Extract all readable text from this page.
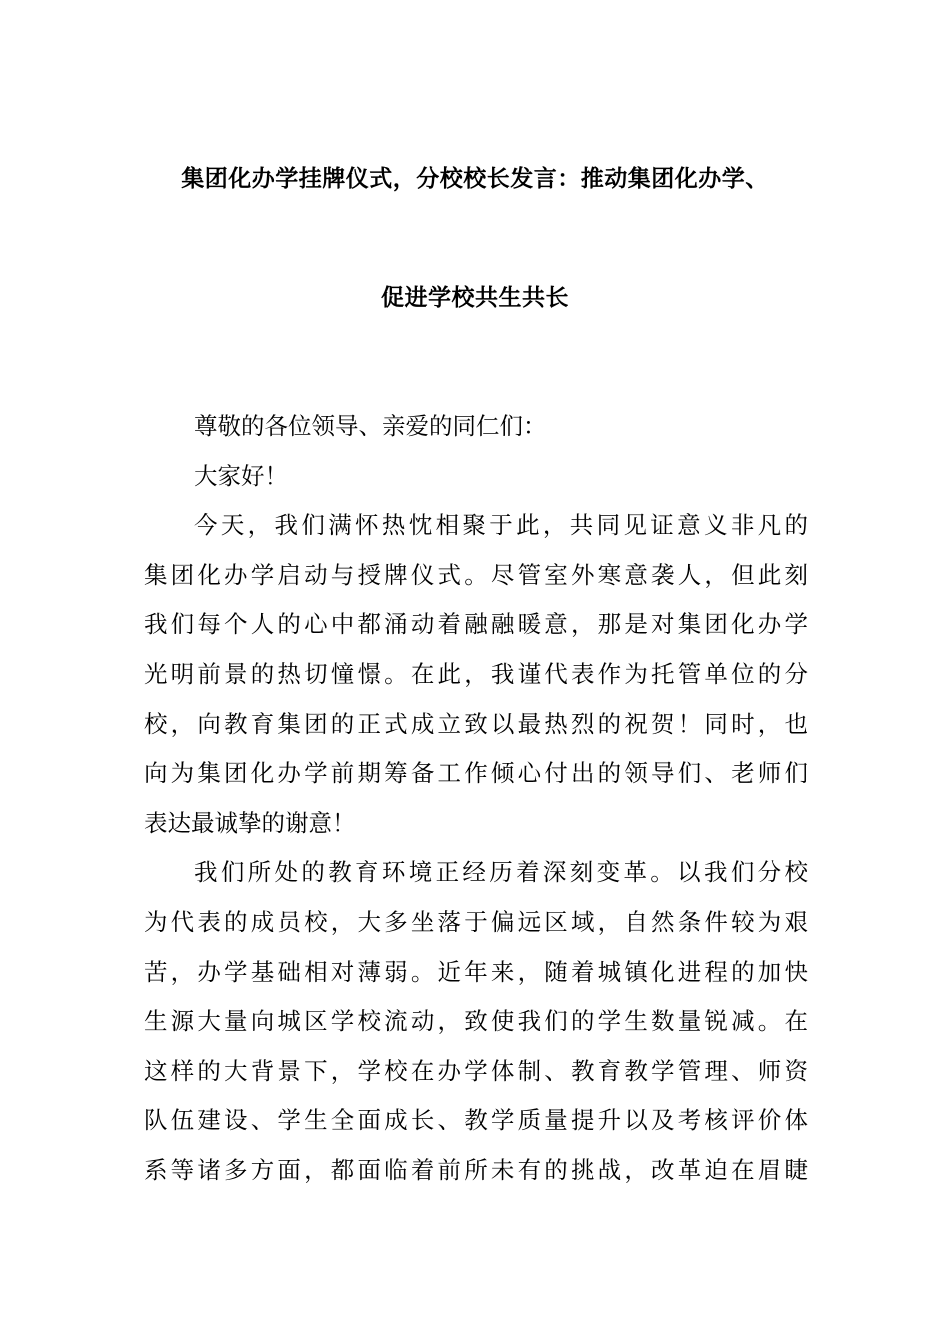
集团化办学挂牌仪式，分校校长发言：推动集团化办学、
促进学校共生共长
尊敬的各位领导、亲爱的同仁们：
大家好！
今天，我们满怀热忱相聚于此，共同见证意义非凡的
集团化办学启动与授牌仪式。尽管室外寒意袭人，但此刻
我们每个人的心中都涌动着融融暖意，那是对集团化办学
光明前景的热切憧憬。在此，我谨代表作为托管单位的分
校，向教育集团的正式成立致以最热烈的祝贺！同时，也
向为集团化办学前期筹备工作倾心付出的领导们、老师们
表达最诚挚的谢意！
我们所处的教育环境正经历着深刻变革。以我们分校
为代表的成员校，大多坐落于偏远区域，自然条件较为艰
苦，办学基础相对薄弱。近年来，随着城镇化进程的加快
生源大量向城区学校流动，致使我们的学生数量锐减。在
这样的大背景下，学校在办学体制、教育教学管理、师资
队伍建设、学生全面成长、教学质量提升以及考核评价体
系等诸多方面，都面临着前所未有的挑战，改革迫在眉睫
